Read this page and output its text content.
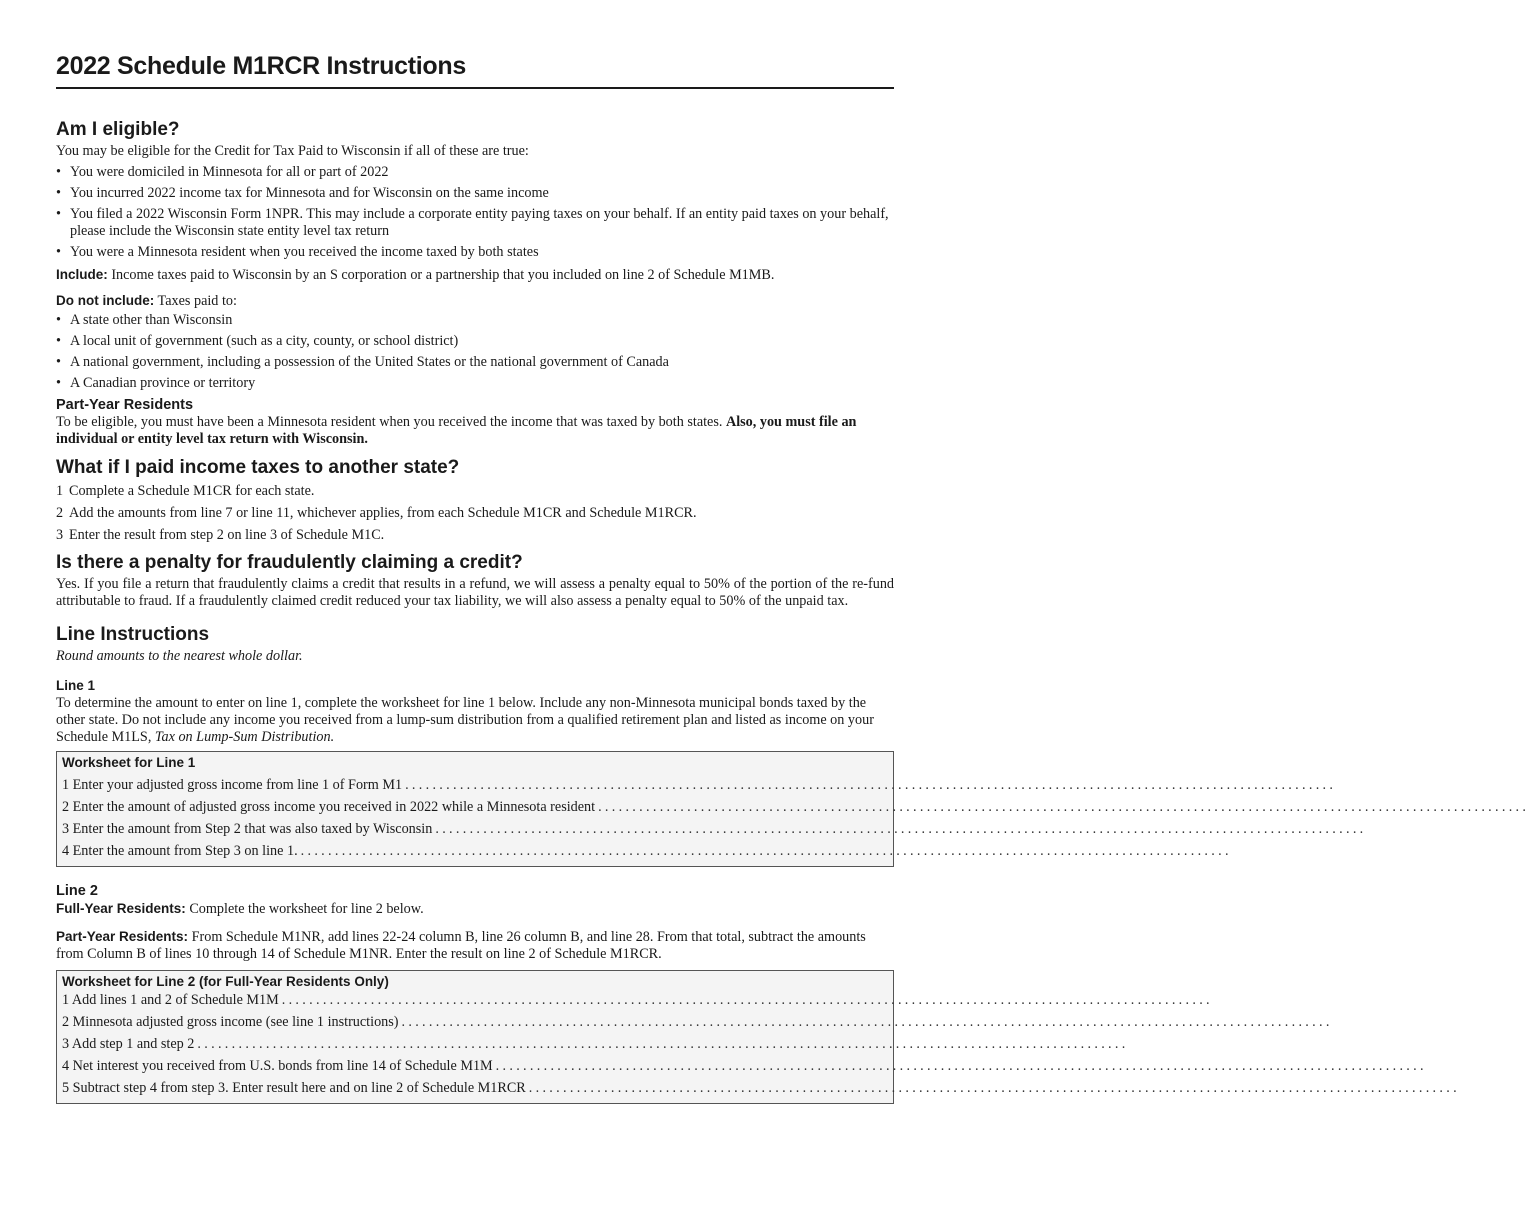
2022 Schedule M1RCR Instructions
Am I eligible?

You may be eligible for the Credit for Tax Paid to Wisconsin if all of these are true:

• You were domiciled in Minnesota for all or part of 2022
• You incurred 2022 income tax for Minnesota and for Wisconsin on the same income
• You filed a 2022 Wisconsin Form 1NPR. This may include a corporate entity paying taxes on your behalf. If an entity paid taxes on your behalf, please include the Wisconsin state entity level tax return
• You were a Minnesota resident when you received the income taxed by both states

Include: Income taxes paid to Wisconsin by an S corporation or a partnership that you included on line 2 of Schedule M1MB.

Do not include: Taxes paid to:

• A state other than Wisconsin
• A local unit of government (such as a city, county, or school district)
• A national government, including a possession of the United States or the national government of Canada
• A Canadian province or territory
Part-Year Residents

To be eligible, you must have been a Minnesota resident when you received the income that was taxed by both states. Also, you must file an individual or entity level tax return with Wisconsin.

What if I paid income taxes to another state?
1 Complete a Schedule M1CR for each state.
2 Add the amounts from line 7 or line 11, whichever applies, from each Schedule M1CR and Schedule M1RCR.
3 Enter the result from step 2 on line 3 of Schedule M1C.
Is there a penalty for fraudulently claiming a credit?

Yes. If you file a return that fraudulently claims a credit that results in a refund, we will assess a penalty equal to 50% of the portion of the re-fund attributable to fraud. If a fraudulently claimed credit reduced your tax liability, we will also assess a penalty equal to 50% of the unpaid tax.

Line Instructions

Round amounts to the nearest whole dollar.

Line 1

To determine the amount to enter on line 1, complete the worksheet for line 1 below. Include any non-Minnesota municipal bonds taxed by the other state. Do not include any income you received from a lump-sum distribution from a qualified retirement plan and listed as income on your Schedule M1LS, Tax on Lump-Sum Distribution.

Worksheet for Line 1
1 Enter your adjusted gross income from line 1 of Form M1 ........................................................................................................................................
2 Enter the amount of adjusted gross income you received in 2022 while a Minnesota resident ........................................................................................................................................
3 Enter the amount from Step 2 that was also taxed by Wisconsin ........................................................................................................................................
4 Enter the amount from Step 3 on line 1. ........................................................................................................................................
Line 2

Full-Year Residents: Complete the worksheet for line 2 below.

Part-Year Residents: From Schedule M1NR, add lines 22-24 column B, line 26 column B, and line 28. From that total, subtract the amounts from Column B of lines 10 through 14 of Schedule M1NR. Enter the result on line 2 of Schedule M1RCR.

Worksheet for Line 2 (for Full-Year Residents Only)
1 Add lines 1 and 2 of Schedule M1M ........................................................................................................................................
2 Minnesota adjusted gross income (see line 1 instructions) ........................................................................................................................................
3 Add step 1 and step 2 ........................................................................................................................................
4 Net interest you received from U.S. bonds from line 14 of Schedule M1M ........................................................................................................................................
5 Subtract step 4 from step 3. Enter result here and on line 2 of Schedule M1RCR ........................................................................................................................................
